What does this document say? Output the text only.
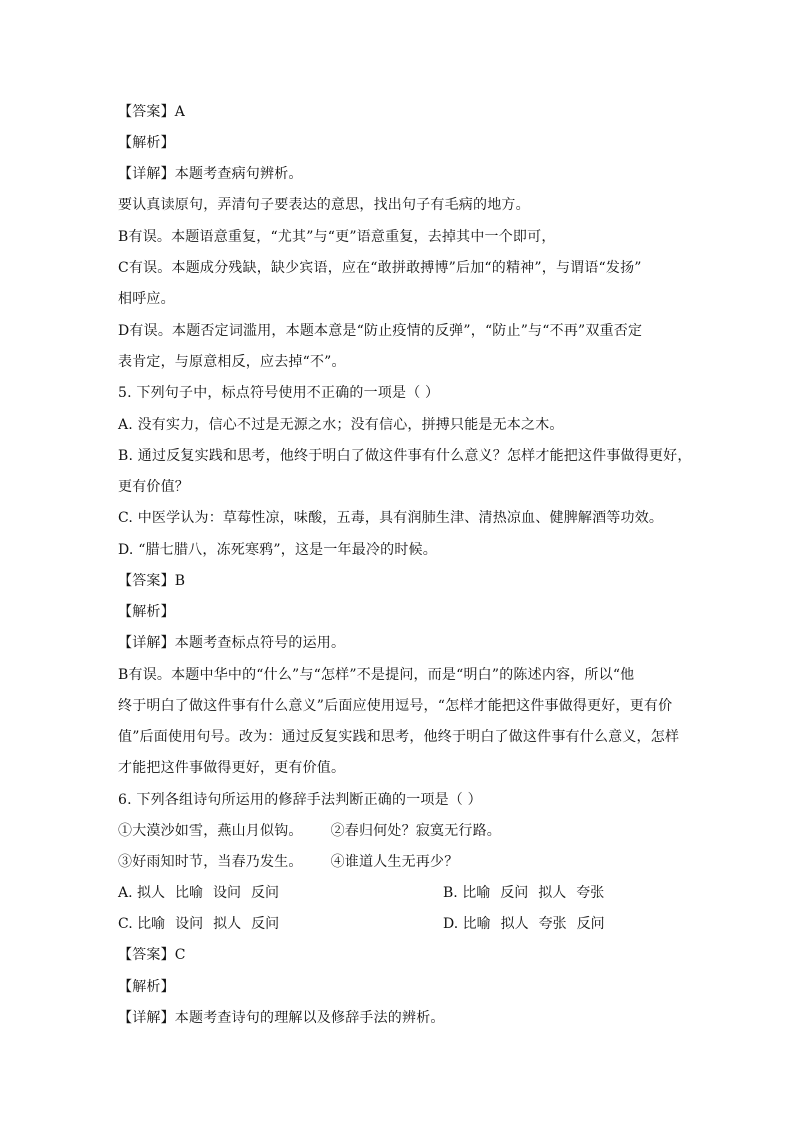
【答案】A
【解析】
【详解】本题考查病句辨析。
要认真读原句，弄清句子要表达的意思，找出句子有毛病的地方。
B有误。本题语意重复，“尤其”与“更”语意重复，去掉其中一个即可，
C有误。本题成分残缺，缺少宾语，应在“敢拼敢搏博”后加“的精神”，与谓语“发扬”
相呼应。
D有误。本题否定词滥用，本题本意是“防止疫情的反弹”，“防止”与“不再”双重否定
表肯定，与原意相反，应去掉“不”。
5. 下列句子中，标点符号使用不正确的一项是（ ）
A. 没有实力，信心不过是无源之水；没有信心，拼搏只能是无本之木。
B. 通过反复实践和思考，他终于明白了做这件事有什么意义？怎样才能把这件事做得更好，
更有价值？
C. 中医学认为：草莓性凉，味酸，五毒，具有润肺生津、清热凉血、健脾解酒等功效。
D. “腊七腊八，冻死寒鸦”，这是一年最冷的时候。
【答案】B
【解析】
【详解】本题考查标点符号的运用。
B有误。本题中华中的“什么”与“怎样”不是提问，而是“明白”的陈述内容，所以“他
终于明白了做这件事有什么意义”后面应使用逗号，“怎样才能把这件事做得更好，更有价
值”后面使用句号。改为：通过反复实践和思考，他终于明白了做这件事有什么意义，怎样
才能把这件事做得更好，更有价值。
6. 下列各组诗句所运用的修辞手法判断正确的一项是（ ）
①大漠沙如雪，燕山月似钩。 ②春归何处？寂寞无行路。
③好雨知时节，当春乃发生。 ④谁道人生无再少？
A. 拟人 比喻 设问 反问	B. 比喻 反问 拟人 夸张
C. 比喻 设问 拟人 反问	D. 比喻 拟人 夸张 反问
【答案】C
【解析】
【详解】本题考查诗句的理解以及修辞手法的辨析。
